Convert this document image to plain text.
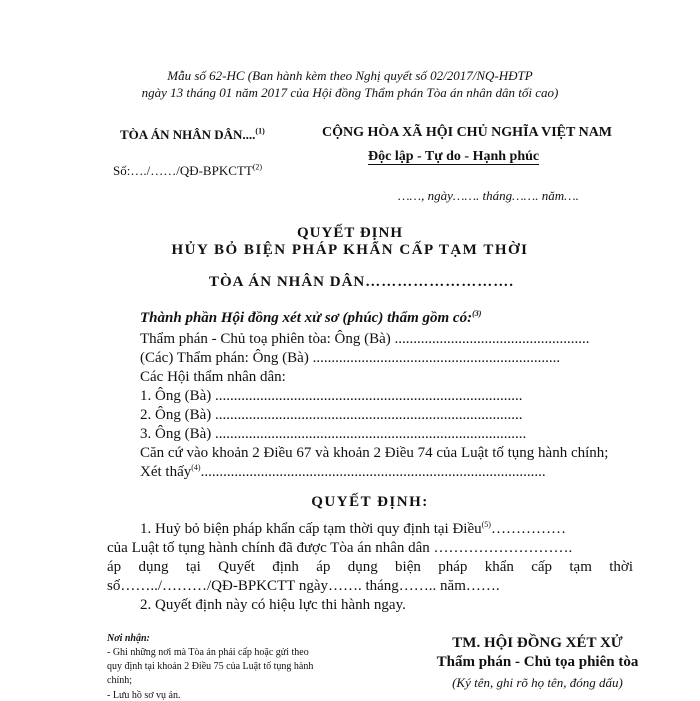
Mẫu số 62-HC (Ban hành kèm theo Nghị quyết số 02/2017/NQ-HĐTP
ngày 13 tháng 01 năm 2017 của Hội đồng Thẩm phán Tòa án nhân dân tối cao)
TÒA ÁN NHÂN DÂN....$^{(1)}$
Số:…./……/QĐ-BPKCTT$^{(2)}$
CỘNG HÒA XÃ HỘI CHỦ NGHĨA VIỆT NAM
Độc lập - Tự do - Hạnh phúc
……, ngày……. tháng……. năm….
QUYẾT ĐỊNH
HỦY BỎ BIỆN PHÁP KHẨN CẤP TẠM THỜI
TÒA ÁN NHÂN DÂN……………………….
Thành phần Hội đồng xét xử sơ (phúc) thẩm gồm có:$^{(3)}$
Thẩm phán - Chủ toạ phiên tòa: Ông (Bà) ....................................................
(Các) Thẩm phán: Ông (Bà) ..................................................................
Các Hội thẩm nhân dân:
1. Ông (Bà) ..................................................................................
2. Ông (Bà) ..................................................................................
3. Ông (Bà) ...................................................................................
Căn cứ vào khoản 2 Điều 67 và khoản 2 Điều 74 của Luật tố tụng hành chính;
Xét thấy$^{(4)}$............................................................................................
QUYẾT ĐỊNH:
1. Huỷ bỏ biện pháp khẩn cấp tạm thời quy định tại Điều$^{(5)}$……………
của Luật tố tụng hành chính đã được Tòa án nhân dân ……………………….
áp dụng tại Quyết định áp dụng biện pháp khẩn cấp tạm thời
số……../………/QĐ-BPKCTT ngày……. tháng…….. năm…….
2. Quyết định này có hiệu lực thi hành ngay.
Nơi nhận:
- Ghi những nơi mà Tòa án phải cấp hoặc gửi theo
quy định tại khoản 2 Điều 75 của Luật tố tụng hành
chính;
- Lưu hồ sơ vụ án.
TM. HỘI ĐỒNG XÉT XỬ
Thẩm phán - Chủ tọa phiên tòa
(Ký tên, ghi rõ họ tên, đóng dấu)
